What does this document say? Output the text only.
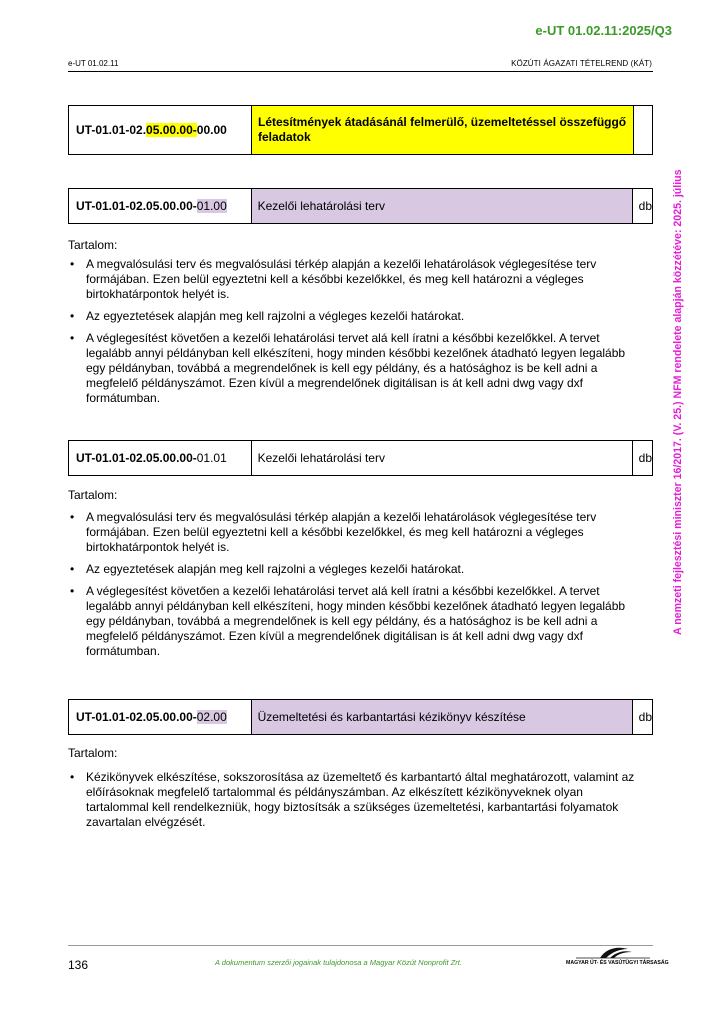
e-UT 01.02.11:2025/Q3
e-UT 01.02.11	KÖZÚTI ÁGAZATI TÉTELREND (KÁT)
A nemzeti fejlesztési miniszter 16/2017. (V. 25.) NFM rendelete alapján közzétéve: 2025. július
UT-01.01-02. 05.00.00- 00.00
Létesítmények átadásánál felmerülő, üzemeltetéssel összefüggő feladatok
UT-01.01-02.05.00.00- 01.00	Kezelői lehatárolási terv	db
Tartalom:
• A megvalósulási terv és megvalósulási térkép alapján a kezelői lehatárolások véglegesítése terv formájában. Ezen belül egyeztetni kell a későbbi kezelőkkel, és meg kell határozni a végleges birtokhatárpontok helyét is.
• Az egyeztetések alapján meg kell rajzolni a végleges kezelői határokat.
• A véglegesítést követően a kezelői lehatárolási tervet alá kell íratni a későbbi kezelőkkel. A tervet legalább annyi példányban kell elkészíteni, hogy minden későbbi kezelőnek átadható legyen legalább egy példányban, továbbá a megrendelőnek is kell egy példány, és a hatósághoz is be kell adni a megfelelő példányszámot. Ezen kívül a megrendelőnek digitálisan is át kell adni dwg vagy dxf formátumban.
UT-01.01-02.05.00.00- 01.01	Kezelői lehatárolási terv	db
Tartalom:
• A megvalósulási terv és megvalósulási térkép alapján a kezelői lehatárolások véglegesítése terv formájában. Ezen belül egyeztetni kell a későbbi kezelőkkel, és meg kell határozni a végleges birtokhatárpontok helyét is.
• Az egyeztetések alapján meg kell rajzolni a végleges kezelői határokat.
• A véglegesítést követően a kezelői lehatárolási tervet alá kell íratni a későbbi kezelőkkel. A tervet legalább annyi példányban kell elkészíteni, hogy minden későbbi kezelőnek átadható legyen legalább egy példányban, továbbá a megrendelőnek is kell egy példány, és a hatósághoz is be kell adni a megfelelő példányszámot. Ezen kívül a megrendelőnek digitálisan is át kell adni dwg vagy dxf formátumban.
UT-01.01-02.05.00.00- 02.00	Üzemeltetési és karbantartási kézikönyv készítése	db
Tartalom:
• Kézikönyvek elkészítése, sokszorosítása az üzemeltető és karbantartó által meghatározott, valamint az előírásoknak megfelelő tartalommal és példányszámban. Az elkészített kézikönyveknek olyan tartalommal kell rendelkezniük, hogy biztosítsák a szükséges üzemeltetési, karbantartási folyamatok zavartalan elvégzését.
136	A dokumentum szerzői jogainak tulajdonosa a Magyar Közút Nonprofit Zrt.	MAGYAR ÚT- ÉS VASÚTÜGYI TÁRSASÁG
